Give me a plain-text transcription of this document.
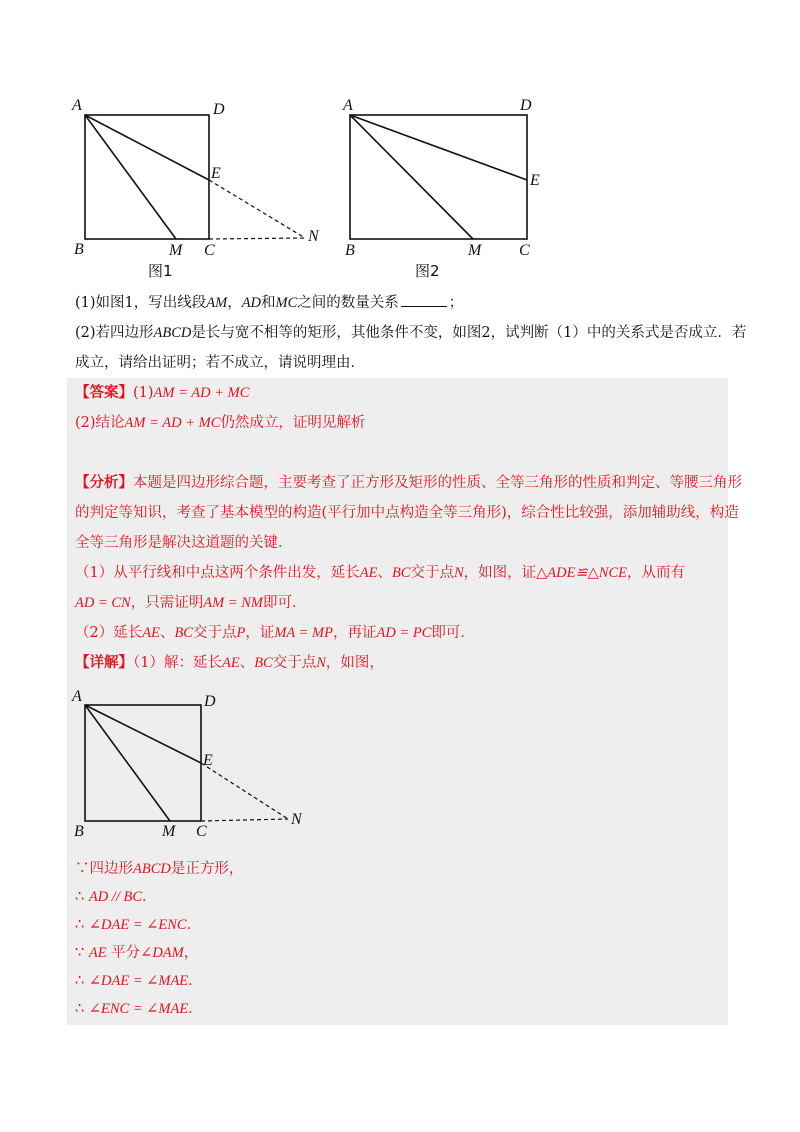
A	D
E
B	M C
N
图1
A	D
E
B	M C
图2
(1)如图1，写出线段AM，AD和MC之间的数量关系	；
(2)若四边形ABCD是长与宽不相等的矩形，其他条件不变，如图2，试判断（1）中的关系式是否成立．若
成立，请给出证明；若不成立，请说明理由．
【答案】(1)AM = AD + MC
(2)结论AM = AD + MC仍然成立，证明见解析
【分析】本题是四边形综合题，主要考查了正方形及矩形的性质、全等三角形的性质和判定、等腰三角形
的判定等知识，考查了基本模型的构造(平行加中点构造全等三角形)，综合性比较强，添加辅助线，构造
全等三角形是解决这道题的关键．
（1）从平行线和中点这两个条件出发，延长AE、BC交于点N，如图，证△ADE≌△NCE，从而有
AD = CN，只需证明AM = NM即可．
（2）延长AE、BC交于点P，证MA = MP，再证AD = PC即可．
【详解】（1）解：延长AE、BC交于点N，如图，
A	D
E
B	M C
N
∵四边形ABCD是正方形，
∴ AD // BC．
∴ ∠DAE = ∠ENC．
∵ AE 平分∠DAM，
∴ ∠DAE = ∠MAE．
∴ ∠ENC = ∠MAE．
